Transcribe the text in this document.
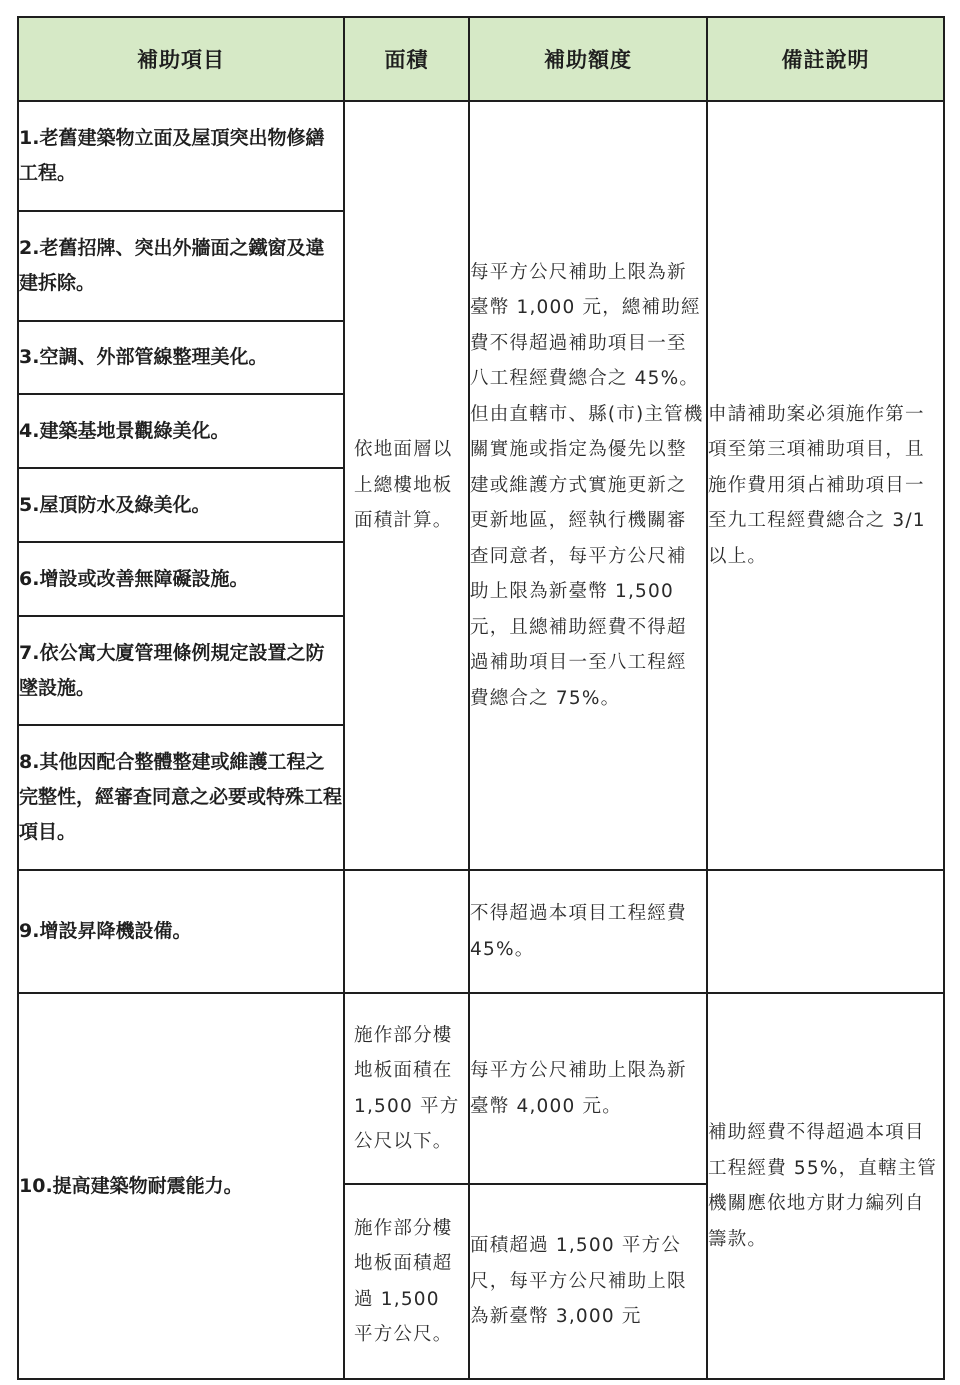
補助項目	面積	補助額度	備註說明

1.老舊建築物立面及屋頂突出物修繕工程。	依地面層以上總樓地板面積計算。	每平方公尺補助上限為新臺幣 1,000 元，總補助經費不得超過補助項目一至八工程經費總合之 45%。但由直轄市、縣(市)主管機關實施或指定為優先以整建或維護方式實施更新之更新地區，經執行機關審查同意者，每平方公尺補助上限為新臺幣 1,500 元，且總補助經費不得超過補助項目一至八工程經費總合之 75%。	申請補助案必須施作第一項至第三項補助項目，且施作費用須占補助項目一至九工程經費總合之 3/1 以上。

2.老舊招牌、突出外牆面之鐵窗及違建拆除。			

3.空調、外部管線整理美化。			

4.建築基地景觀綠美化。			

5.屋頂防水及綠美化。			

6.增設或改善無障礙設施。			

7.依公寓大廈管理條例規定設置之防墜設施。			

8.其他因配合整體整建或維護工程之完整性，經審查同意之必要或特殊工程項目。			

9.增設昇降機設備。		不得超過本項目工程經費 45%。	

10.提高建築物耐震能力。	施作部分樓地板面積在 1,500 平方公尺以下。	每平方公尺補助上限為新臺幣 4,000 元。	補助經費不得超過本項目工程經費 55%，直轄主管機關應依地方財力編列自籌款。
	施作部分樓地板面積超過 1,500 平方公尺。	面積超過 1,500 平方公尺，每平方公尺補助上限為新臺幣 3,000 元	
